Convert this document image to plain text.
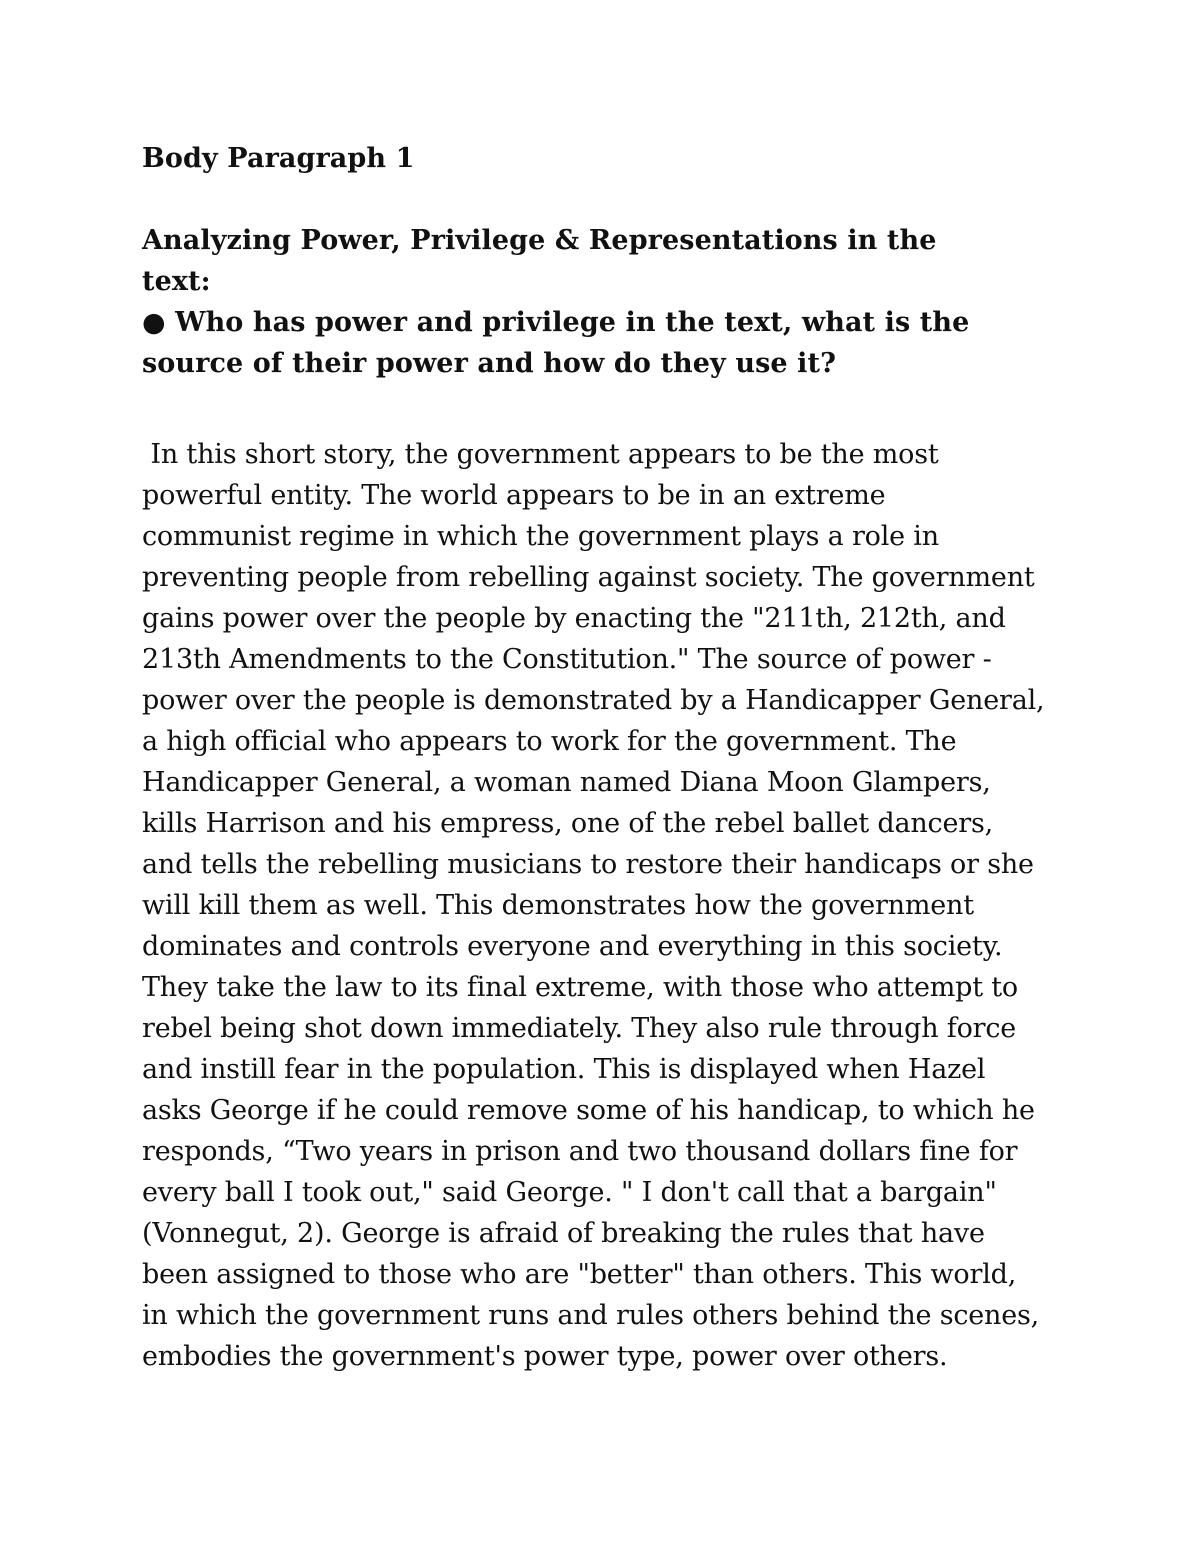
Body Paragraph 1
Analyzing Power, Privilege & Representations in the
text:
● Who has power and privilege in the text, what is the
source of their power and how do they use it?
In this short story, the government appears to be the most
powerful entity. The world appears to be in an extreme
communist regime in which the government plays a role in
preventing people from rebelling against society. The government
gains power over the people by enacting the "211th, 212th, and
213th Amendments to the Constitution." The source of power -
power over the people is demonstrated by a Handicapper General,
a high official who appears to work for the government. The
Handicapper General, a woman named Diana Moon Glampers,
kills Harrison and his empress, one of the rebel ballet dancers,
and tells the rebelling musicians to restore their handicaps or she
will kill them as well. This demonstrates how the government
dominates and controls everyone and everything in this society.
They take the law to its final extreme, with those who attempt to
rebel being shot down immediately. They also rule through force
and instill fear in the population. This is displayed when Hazel
asks George if he could remove some of his handicap, to which he
responds, “Two years in prison and two thousand dollars fine for
every ball I took out," said George. " I don't call that a bargain"
(Vonnegut, 2). George is afraid of breaking the rules that have
been assigned to those who are "better" than others. This world,
in which the government runs and rules others behind the scenes,
embodies the government's power type, power over others.
